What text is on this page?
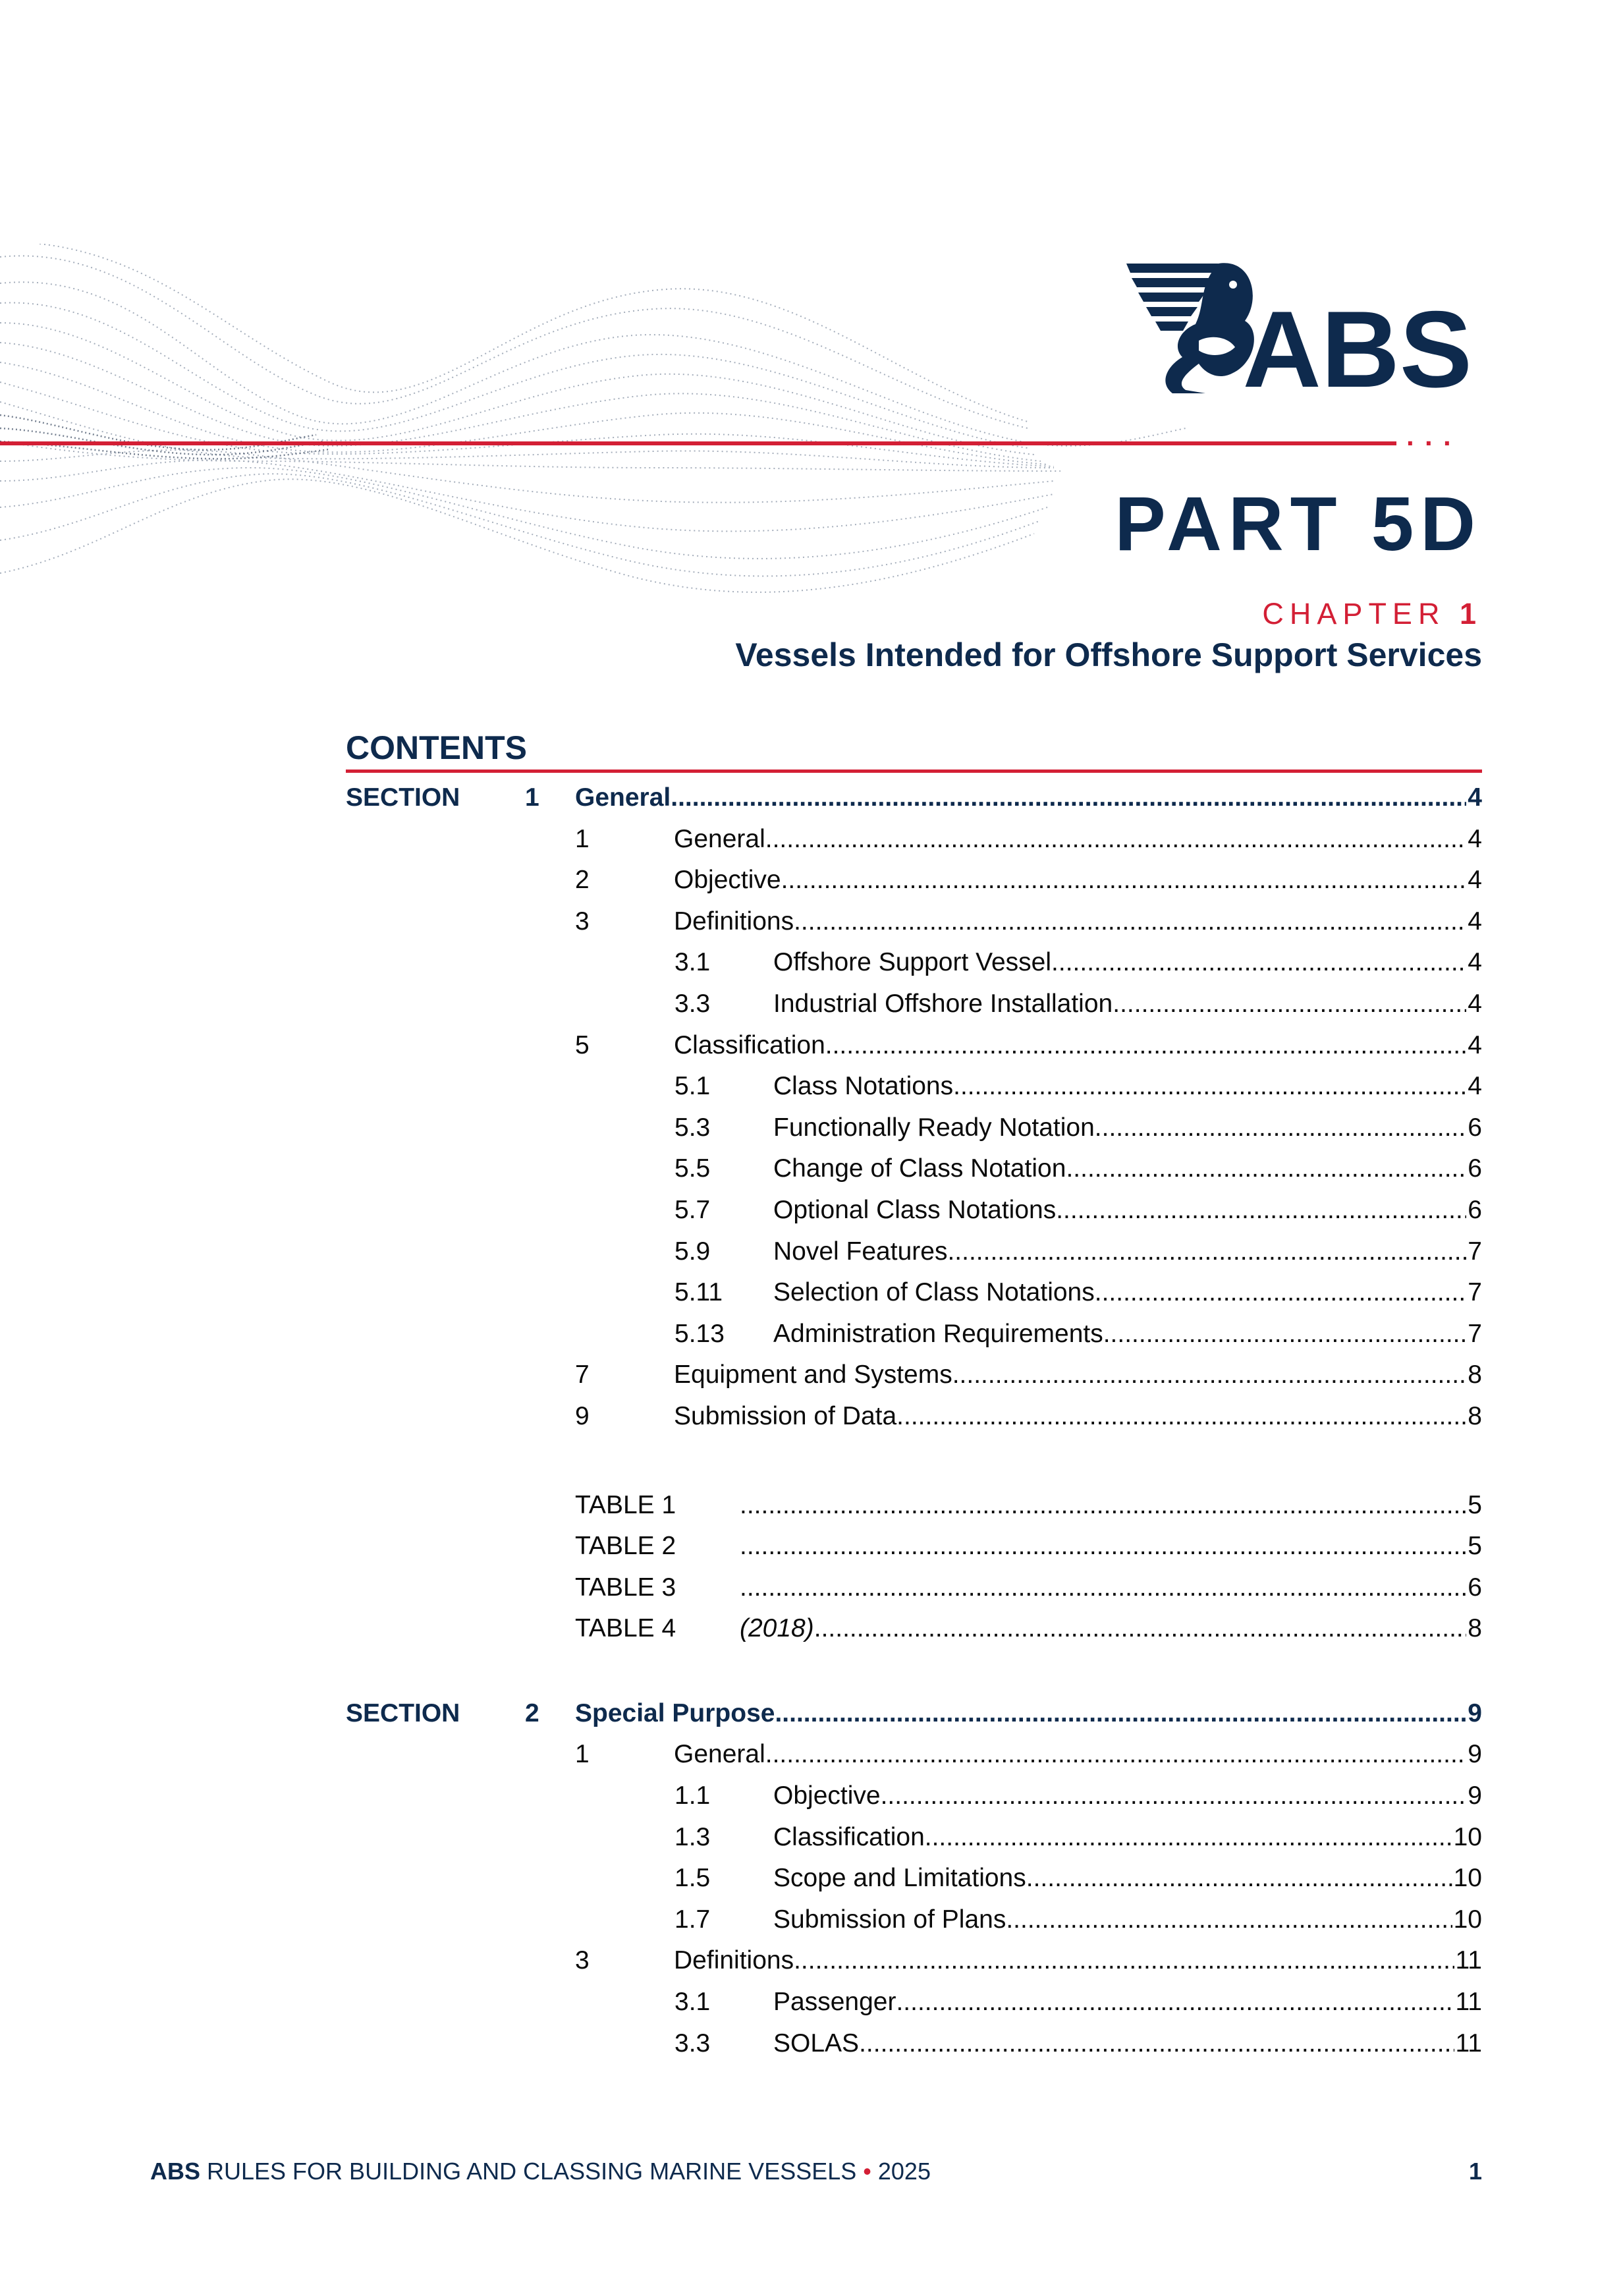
···
ABS
PART 5D
CHAPTER 1
Vessels Intended for Offshore Support Services
CONTENTS
SECTION	1 General .....	4
1	General .....	4
2	Objective .....	4
3	Definitions .....	4
3.1	Offshore Support Vessel .....	4
3.3	Industrial Offshore Installation .....	4
5	Classification .....	4
5.1	Class Notations .....	4
5.3	Functionally Ready Notation .....	6
5.5	Change of Class Notation .....	6
5.7	Optional Class Notations .....	6
5.9	Novel Features .....	7
5.11	Selection of Class Notations .....	7
5.13	Administration Requirements .....	7
7	Equipment and Systems .....	8
9	Submission of Data .....	8
TABLE 1 .....	5
TABLE 2 .....	5
TABLE 3 .....	6
TABLE 4	(2018) .....	8
SECTION	2 Special Purpose .....	9
1	General .....	9
1.1	Objective .....	9
1.3	Classification .....	10
1.5	Scope and Limitations .....	10
1.7	Submission of Plans .....	10
3	Definitions .....	11
3.1	Passenger .....	11
3.3	SOLAS .....	11
ABS RULES FOR BUILDING AND CLASSING MARINE VESSELS • 2025	1
